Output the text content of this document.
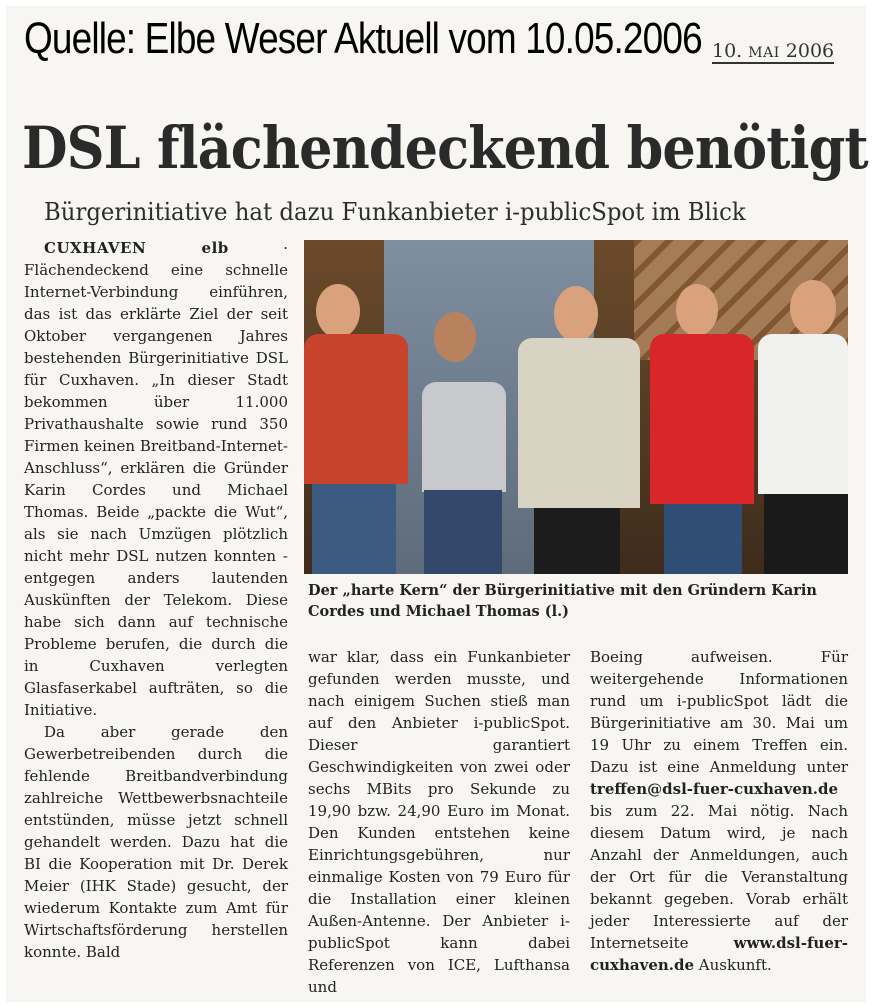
Quelle: Elbe Weser Aktuell vom 10.05.2006 10. MAI 2006
DSL flächendeckend benötigt
Bürgerinitiative hat dazu Funkanbieter i-publicSpot im Blick

CUXHAVEN elb · Flächendeckend eine schnelle Internet-Verbindung einführen, das ist das erklärte Ziel der seit Oktober vergangenen Jahres bestehenden Bürgerinitiative DSL für Cuxhaven. „In dieser Stadt bekommen über 11.000 Privathaushalte sowie rund 350 Firmen keinen Breitband-Internet-Anschluss“, erklären die Gründer Karin Cordes und Michael Thomas. Beide „packte die Wut“, als sie nach Umzügen plötzlich nicht mehr DSL nutzen konnten - entgegen anders lautenden Auskünften der Telekom. Diese habe sich dann auf technische Probleme berufen, die durch die in Cuxhaven verlegten Glasfaserkabel aufträten, so die Initiative.

Da aber gerade den Gewerbetreibenden durch die fehlende Breitbandverbindung zahlreiche Wettbewerbsnachteile entstünden, müsse jetzt schnell gehandelt werden. Dazu hat die BI die Kooperation mit Dr. Derek Meier (IHK Stade) gesucht, der wiederum Kontakte zum Amt für Wirtschaftsförderung herstellen konnte. Bald

Der „harte Kern“ der Bürgerinitiative mit den Gründern Karin Cordes und Michael Thomas (l.)

war klar, dass ein Funkanbieter gefunden werden musste, und nach einigem Suchen stieß man auf den Anbieter i-publicSpot. Dieser garantiert Geschwindigkeiten von zwei oder sechs MBits pro Sekunde zu 19,90 bzw. 24,90 Euro im Monat. Den Kunden entstehen keine Einrichtungsgebühren, nur einmalige Kosten von 79 Euro für die Installation einer kleinen Außen-Antenne. Der Anbieter i-publicSpot kann dabei Referenzen von ICE, Lufthansa und

Boeing aufweisen. Für weitergehende Informationen rund um i-publicSpot lädt die Bürgerinitiative am 30. Mai um 19 Uhr zu einem Treffen ein. Dazu ist eine Anmeldung unter treffen@dsl-fuer-cuxhaven.de bis zum 22. Mai nötig. Nach diesem Datum wird, je nach Anzahl der Anmeldungen, auch der Ort für die Veranstaltung bekannt gegeben. Vorab erhält jeder Interessierte auf der Internetseite www.dsl-fuer-cuxhaven.de Auskunft.
